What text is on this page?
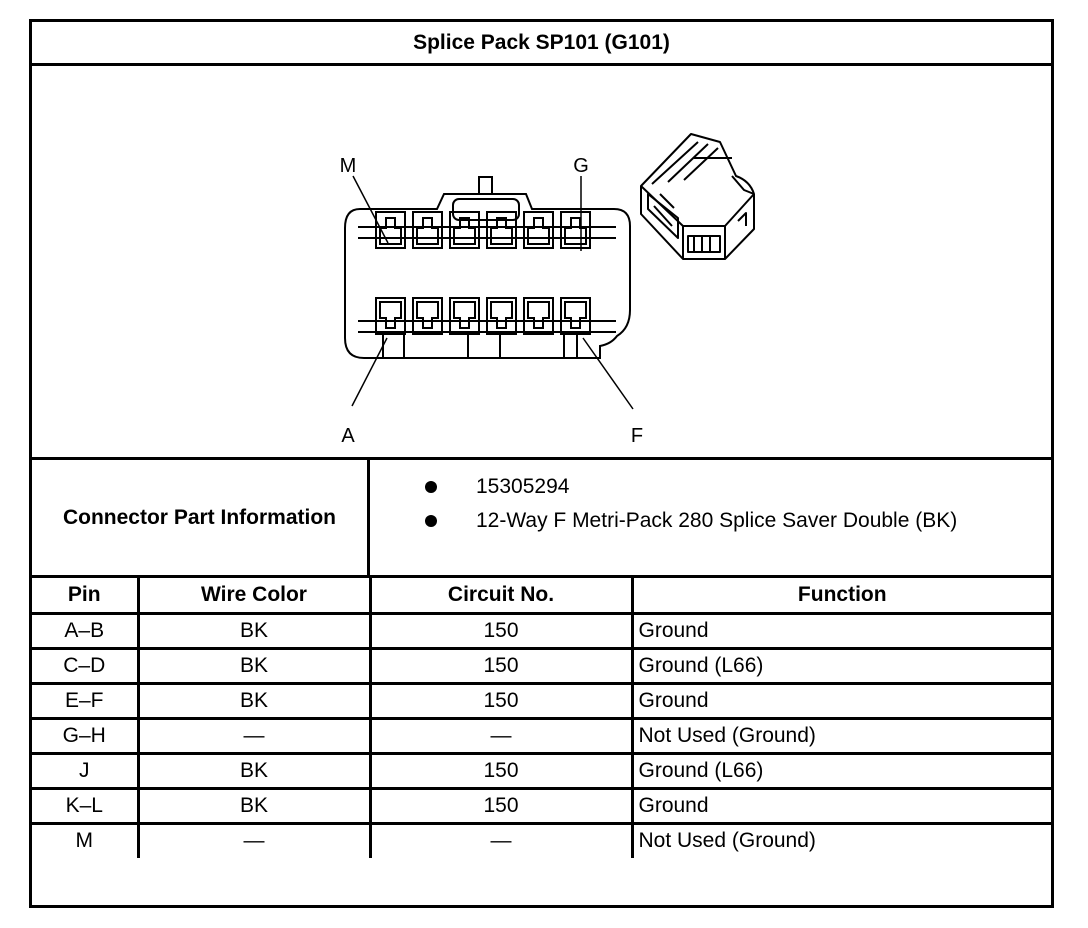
Splice Pack SP101 (G101)
M	G
A	F
Connector Part Information
15305294
12-Way F Metri-Pack 280 Splice Saver Double (BK)
Pin	Wire Color	Circuit No.	Function
A–B	BK	150	Ground
C–D	BK	150	Ground (L66)
E–F	BK	150	Ground
G–H	—	—	Not Used (Ground)
J	BK	150	Ground (L66)
K–L	BK	150	Ground
M	—	—	Not Used (Ground)
